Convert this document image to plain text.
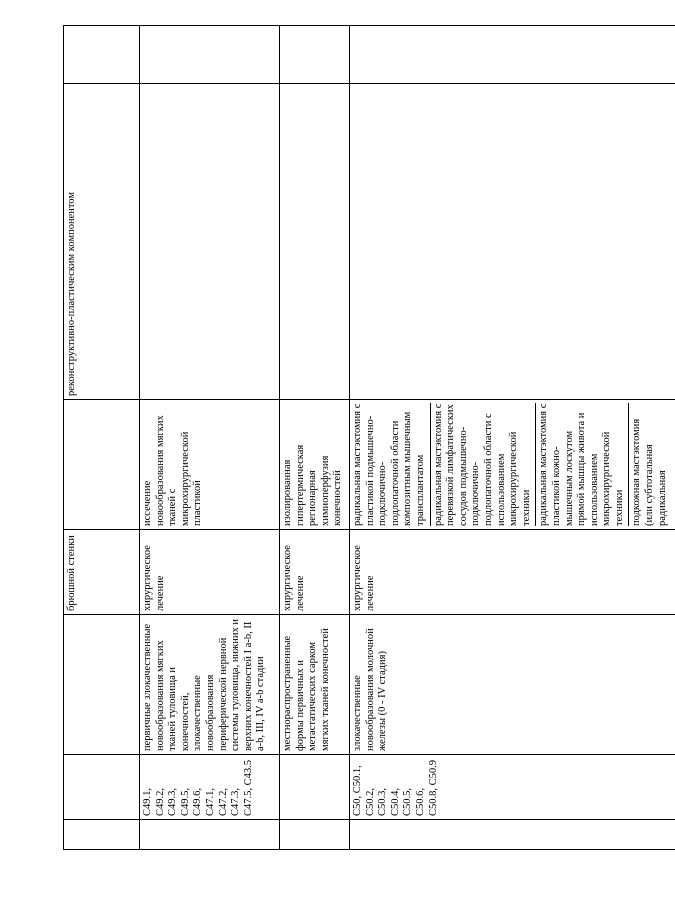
			брюшной стенки		реконструктивно-пластическим компонентом	
	C49.1, C49.2, C49.3, C49.5, C49.6, C47.1, C47.2, C47.3, C47.5, C43.5	первичные злокачественные новообразования мягких тканей туловища и конечностей, злокачественные новообразования периферической нервной системы туловища, нижних и верхних конечностей I a-b, II a-b, III, IV a-b стадии	хирургическое лечение	иссечение новообразования мягких тканей с микрохирургической пластикой		
		местнораспространенные формы первичных и метастатических сарком мягких тканей конечностей	хирургическое лечение	изолированная гипертермическая регионарная химиоперфузия конечностей		
	C50, C50.1, C50.2, C50.3, C50.4, C50.5, C50.6, C50.8, C50.9	злокачественные новообразования молочной железы (0 - IV стадия)	хирургическое лечение	радикальная мастэктомия с пластикой подмышечно-подключично-подлопаточной области композитным мышечным трансплантатом радикальная мастэктомия с перевязкой лимфатических сосудов подмышечно-подключично-подлопаточной области с использованием микрохирургической техники радикальная мастэктомия с пластикой кожно-мышечным лоскутом прямой мышцы живота и использованием микрохирургической техники подкожная мастэктомия (или субтотальная радикальная		
